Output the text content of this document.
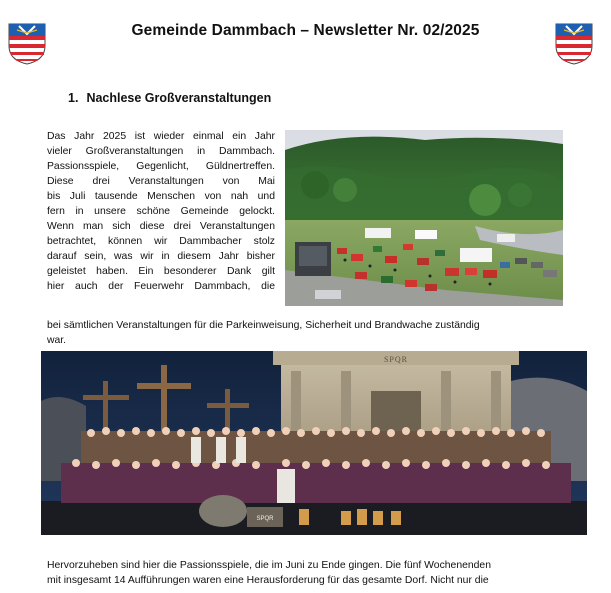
Gemeinde Dammbach – Newsletter Nr. 02/2025
1. Nachlese Großveranstaltungen
Das Jahr 2025 ist wieder einmal ein Jahr
vieler Großveranstaltungen in Dammbach.
Passionsspiele, Gegenlicht, Güldnertreffen.
Diese drei Veranstaltungen von Mai
bis Juli tausende Menschen von nah und
fern in unsere schöne Gemeinde gelockt.
Wenn man sich diese drei Veranstaltungen
betrachtet, können wir Dammbacher stolz
darauf sein, was wir in diesem Jahr bisher
geleistet haben. Ein besonderer Dank gilt
hier auch der Feuerwehr Dammbach, die
bei sämtlichen Veranstaltungen für die Parkeinweisung, Sicherheit und Brandwache zuständig
war.
SPQR
SPQR
Hervorzuheben sind hier die Passionsspiele, die im Juni zu Ende gingen. Die fünf Wochenenden
mit insgesamt 14 Aufführungen waren eine Herausforderung für das gesamte Dorf. Nicht nur die
